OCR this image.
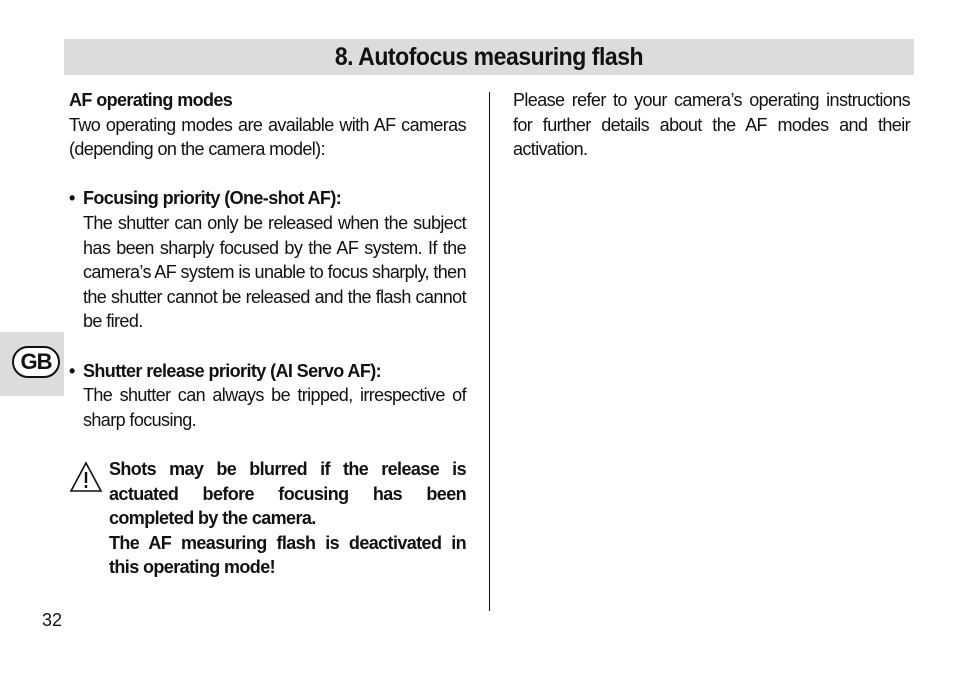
8. Autofocus measuring flash

AF operating modes

Two operating modes are available with AF cameras (depending on the camera model):

• Focusing priority (One-shot AF):

The shutter can only be released when the subject has been sharply focused by the AF system. If the camera’s AF system is unable to focus sharply, then the shutter cannot be released and the flash cannot be fired.

• Shutter release priority (AI Servo AF):

The shutter can always be tripped, irrespective of sharp focusing.

Shots may be blurred if the release is actuated before focusing has been completed by the camera.

The AF measuring flash is deactivated in this operating mode!

Please refer to your camera’s operating instructions for further details about the AF modes and their activation.

GB
32
